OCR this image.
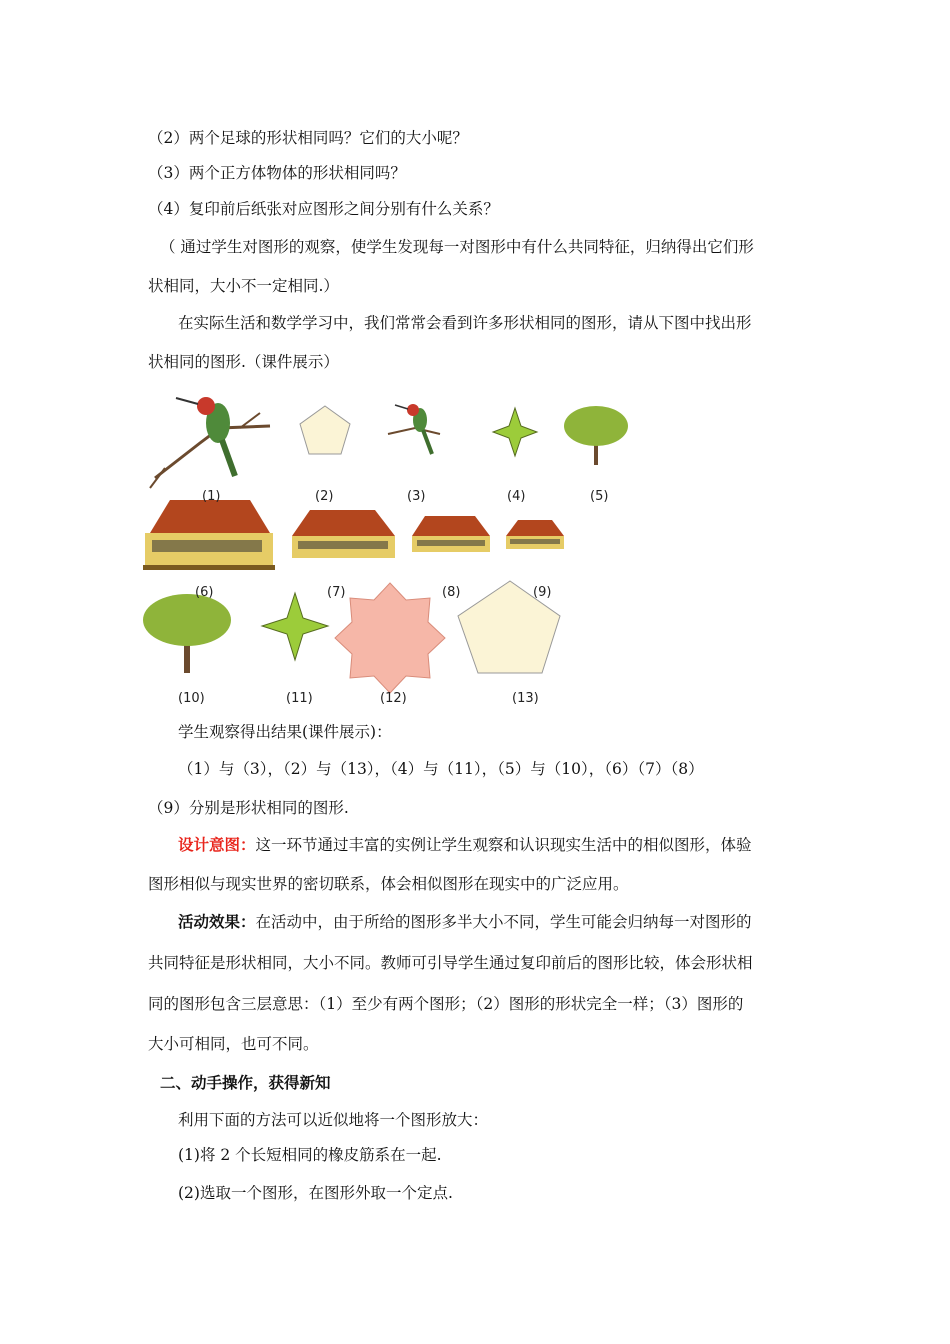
（2）两个足球的形状相同吗？它们的大小呢？
（3）两个正方体物体的形状相同吗？
（4）复印前后纸张对应图形之间分别有什么关系？
（ 通过学生对图形的观察，使学生发现每一对图形中有什么共同特征，归纳得出它们形
状相同，大小不一定相同.）
在实际生活和数学学习中，我们常常会看到许多形状相同的图形，请从下图中找出形
状相同的图形.（课件展示）
(1)	(2)	(3)	(4)	(5)
(6)	(7)	(8)	(9)
(10)	(11)	(12)	(13)
学生观察得出结果(课件展示)：
（1）与（3），（2）与（13），（4）与（11），（5）与（10），（6）（7）（8）
（9）分别是形状相同的图形.
设计意图：这一环节通过丰富的实例让学生观察和认识现实生活中的相似图形，体验
图形相似与现实世界的密切联系，体会相似图形在现实中的广泛应用。
活动效果：在活动中，由于所给的图形多半大小不同，学生可能会归纳每一对图形的
共同特征是形状相同，大小不同。教师可引导学生通过复印前后的图形比较，体会形状相
同的图形包含三层意思：（1）至少有两个图形；（2）图形的形状完全一样；（3）图形的
大小可相同，也可不同。
二、动手操作，获得新知
利用下面的方法可以近似地将一个图形放大：
(1)将 2 个长短相同的橡皮筋系在一起.
(2)选取一个图形，在图形外取一个定点.
